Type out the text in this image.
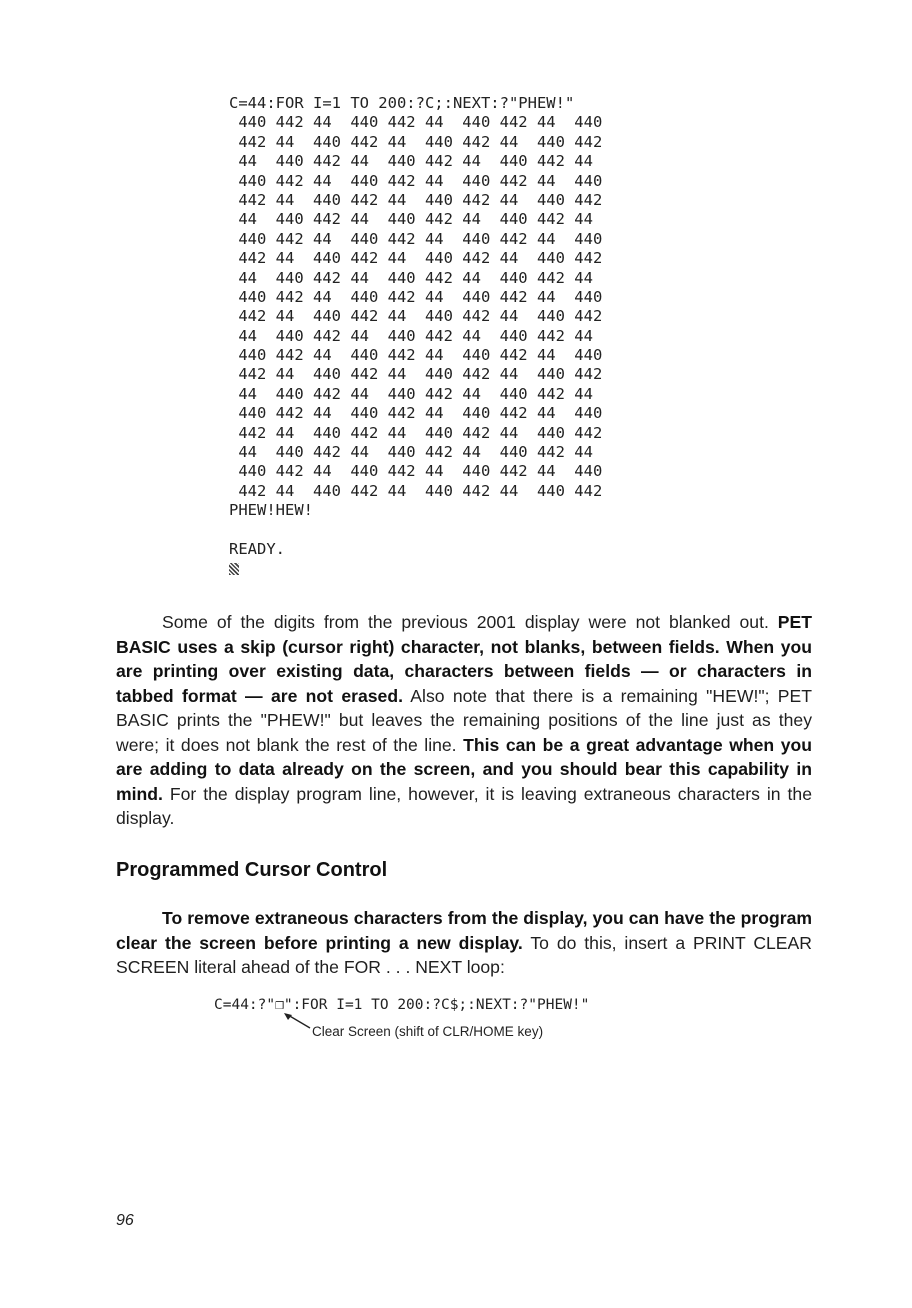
C=44:FOR I=1 TO 200:?C;:NEXT:?"PHEW!"
440 442 44  440 442 44  440 442 44  440
442 44  440 442 44  440 442 44  440 442
44  440 442 44  440 442 44  440 442 44
440 442 44  440 442 44  440 442 44  440
442 44  440 442 44  440 442 44  440 442
44  440 442 44  440 442 44  440 442 44
440 442 44  440 442 44  440 442 44  440
442 44  440 442 44  440 442 44  440 442
44  440 442 44  440 442 44  440 442 44
440 442 44  440 442 44  440 442 44  440
442 44  440 442 44  440 442 44  440 442
44  440 442 44  440 442 44  440 442 44
440 442 44  440 442 44  440 442 44  440
442 44  440 442 44  440 442 44  440 442
44  440 442 44  440 442 44  440 442 44
440 442 44  440 442 44  440 442 44  440
442 44  440 442 44  440 442 44  440 442
44  440 442 44  440 442 44  440 442 44
440 442 44  440 442 44  440 442 44  440
442 44  440 442 44  440 442 44  440 442
PHEW!HEW!
READY.
Some of the digits from the previous 2001 display were not blanked out. PET BASIC uses a skip (cursor right) character, not blanks, between fields. When you are printing over existing data, characters between fields — or characters in tabbed format — are not erased. Also note that there is a remaining "HEW!"; PET BASIC prints the "PHEW!" but leaves the remaining positions of the line just as they were; it does not blank the rest of the line. This can be a great advantage when you are adding to data already on the screen, and you should bear this capability in mind. For the display program line, however, it is leaving extraneous characters in the display.
Programmed Cursor Control
To remove extraneous characters from the display, you can have the program clear the screen before printing a new display. To do this, insert a PRINT CLEAR SCREEN literal ahead of the FOR . . . NEXT loop:
C=44:?"❒":FOR I=1 TO 200:?C$;:NEXT:?"PHEW!"
Clear Screen (shift of CLR/HOME key)
96
